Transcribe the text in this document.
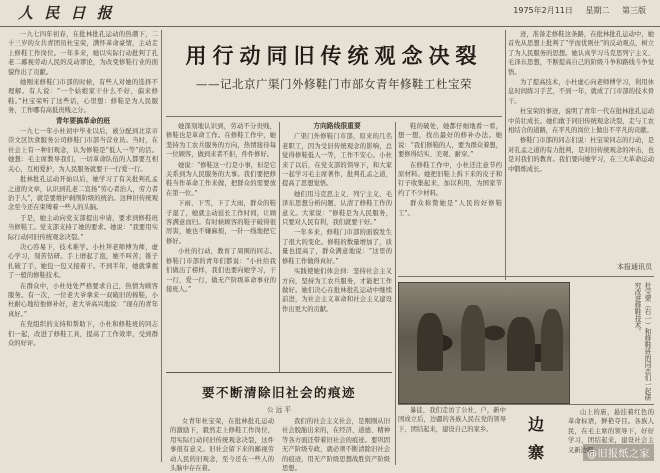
人 民 日 报	1975年2月11日 星期二 第三版

一九七四年初春，在批林批孔运动的热潮下，二十三岁的女共青团员杜宝荣，满怀革命豪情，主动走上修鞋工作岗位。一年多来，她以实际行动批判了孔老二鄙视劳动人民的反动谬论，为改变修鞋行业的面貌作出了贡献。

她刚来修鞋门市部的时候，有些人对她的选择不理解。有人说：“一个姑娘家干什么不好，偏来修鞋。”杜宝荣听了这些话，心里想：修鞋是为人民服务，工作哪有高低贵贱之分。

青年要搞革命的班

一九七一年小杜初中毕业以后，被分配到北京市崇文区饮食服务公司修鞋门市部当营业员。当时，在社会上有一种旧观念，认为修鞋是“低人一等”的活。她想：毛主席教导我们，一切革命队伍的人都要互相关心，互相爱护，为人民服务就要干一行爱一行。

批林批孔运动开始以后，她学习了有关批判孔孟之道的文章，认识到孔老二宣扬“劳心者治人，劳力者治于人”，就是要维护剥削阶级的统治。这种旧传统观念至今还在束缚着一些人的头脑。

于是，她主动向党支部提出申请，要求到修鞋班当修鞋工。党支部支持了她的要求。她说：“我要用实际行动同旧传统观念决裂。”

决心容易下，技术难学。小杜拜老师傅为师，虚心学习，刻苦钻研。手上磨起了泡，她不叫苦；锥子扎破了手，她包一包又接着干。不到半年，她就掌握了一般的修鞋技术。

在群众中，小杜处处严格要求自己，热情为顾客服务。有一次，一位老大爷拿来一双破旧的棉鞋，小杜耐心地给他修补好，老大爷高兴地说：“现在的青年真好。”

在党组织的支持和帮助下，小杜和修鞋班的同志们一起，改进了修鞋工具，提高了工作效率，受到群众的好评。

用行动同旧传统观念决裂
——记北京广渠门外修鞋门市部女青年修鞋工杜宝荣

她深刻地认识到，劳动不分贵贱，修鞋也是革命工作。在修鞋工作中，她坚持为工农兵服务的方向，热情接待每一位顾客，做到来者不拒，件件修好。

她说：“修鞋这一行是小事，但是它关系到为人民服务的大事。我们要把修鞋当作革命工作来做，把群众的需要放在第一位。”

下雨、下雪，下了大雨，群众的鞋子湿了，她就主动延长工作时间，让顾客满意而归。有时候顾客的鞋子破得很厉害，她也不嫌麻烦，一针一线地把它修好。

小杜的行动，教育了周围的同志。修鞋门市部的青年们都说：“小杜给我们做出了榜样，我们也要向她学习，干一行，爱一行，做无产阶级革命事业的接班人。”

方向路线很重要

广渠门外修鞋门市部，原来的几名老职工，因为受旧传统观念的影响，总觉得修鞋低人一等，工作不安心。小杜来了以后，在党支部的领导下，和大家一起学习毛主席著作，批判孔孟之道，提高了思想觉悟。

她们用马克思主义、列宁主义、毛泽东思想分析问题，认清了修鞋工作的意义。大家说：“修鞋是为人民服务，只要对人民有利，我们就要干好。”

一年多来，修鞋门市部的面貌发生了很大的变化。修鞋的数量增加了，质量也提高了，群众满意地说：“这里的修鞋工作做得真好。”

实践使她们体会到：坚持社会主义方向，坚持为工农兵服务，才能把工作做好。她们决心在批林批孔运动中继续前进，为社会主义革命和社会主义建设作出更大的贡献。

鞋的破处，她都仔细地看一看，想一想，找出最好的修补办法。她说：“我们修鞋的人，要为群众着想，要修得结实、美观、耐穿。”

在修鞋工作中，小杜还注意节约原材料。她把旧鞋上拆下来的皮子和钉子收集起来，加以利用，为国家节约了不少材料。

群众称赞她是“人民的好修鞋工”。

迹，准备走修鞋这条路，在批林批孔运动中，她首先从思想上批判了“学而优则仕”的反动观点，树立了为人民服务的思想。她认真学习马克思列宁主义、毛泽东思想，不断提高自己的阶级斗争和路线斗争觉悟。

为了提高技术，小杜虚心向老师傅学习，利用休息时间练习手艺，不到一年，就成了门市部的技术骨干。

杜宝荣的事迹，说明了青年一代在批林批孔运动中茁壮成长。她们敢于同旧传统观念决裂，走与工农相结合的道路，在平凡的岗位上做出不平凡的贡献。

修鞋门市部的同志们说：杜宝荣同志的行动，是对孔孟之道的有力批判，是对旧传统观念的冲击，也是对我们的教育。我们要向她学习，在三大革命运动中锻炼成长。

本报通讯员
杜宝荣（右一）和修鞋班的同志们一起研究改进修鞋技术。
要不断清除旧社会的痕迹
公 远 平

女青年杜宝荣，在批林批孔运动的激励下，毅然走上修鞋工作岗位，用实际行动同旧传统观念决裂，这件事很有意义。旧社会留下来的鄙视劳动人民的旧观念，至今还在一些人的头脑中存在着。

我们的社会主义社会，是刚刚从旧社会脱胎出来的，在经济、道德、精神等各方面还带着旧社会的痕迹。要巩固无产阶级专政，就必须不断清除旧社会的痕迹，用无产阶级思想战胜资产阶级思想。

暴徒，我们走访了公社、户，新中国成立后，边疆的各族人民在党的领导下，团结起来，建设自己的家乡。	边
寨

山上的庙，悬挂着红色的革命标语，鲜艳夺目。各族人民，在毛主席的领导下，好好学习，团结起来，建设社会主义新边疆。

@旧报纸之家
